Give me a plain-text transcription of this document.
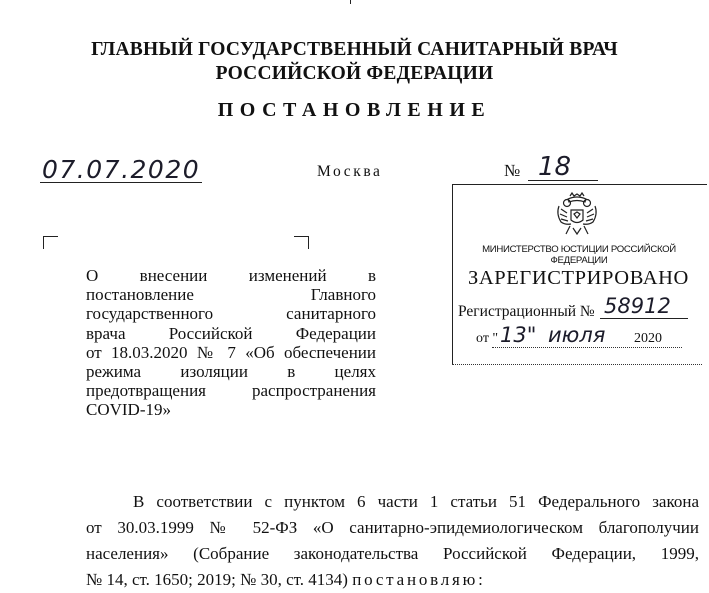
ГЛАВНЫЙ ГОСУДАРСТВЕННЫЙ САНИТАРНЫЙ ВРАЧ
РОССИЙСКОЙ ФЕДЕРАЦИИ
ПОСТАНОВЛЕНИЕ
07.07.2020	Москва	№ 18
О внесении изменений в
постановление Главного
государственного санитарного
врача Российской Федерации
от 18.03.2020 № 7 «Об обеспечении
режима изоляции в целях
предотвращения распространения
COVID-19»
МИНИСТЕРСТВО ЮСТИЦИИ РОССИЙСКОЙ ФЕДЕРАЦИИ
ЗАРЕГИСТРИРОВАНО
Регистрационный № 58912
от " 13" июля 2020
В соответствии с пунктом 6 части 1 статьи 51 Федерального закона
от 30.03.1999 № 52-ФЗ «О санитарно-эпидемиологическом благополучии
населения» (Собрание законодательства Российской Федерации, 1999,
№ 14, ст. 1650; 2019; № 30, ст. 4134) постановляю:
